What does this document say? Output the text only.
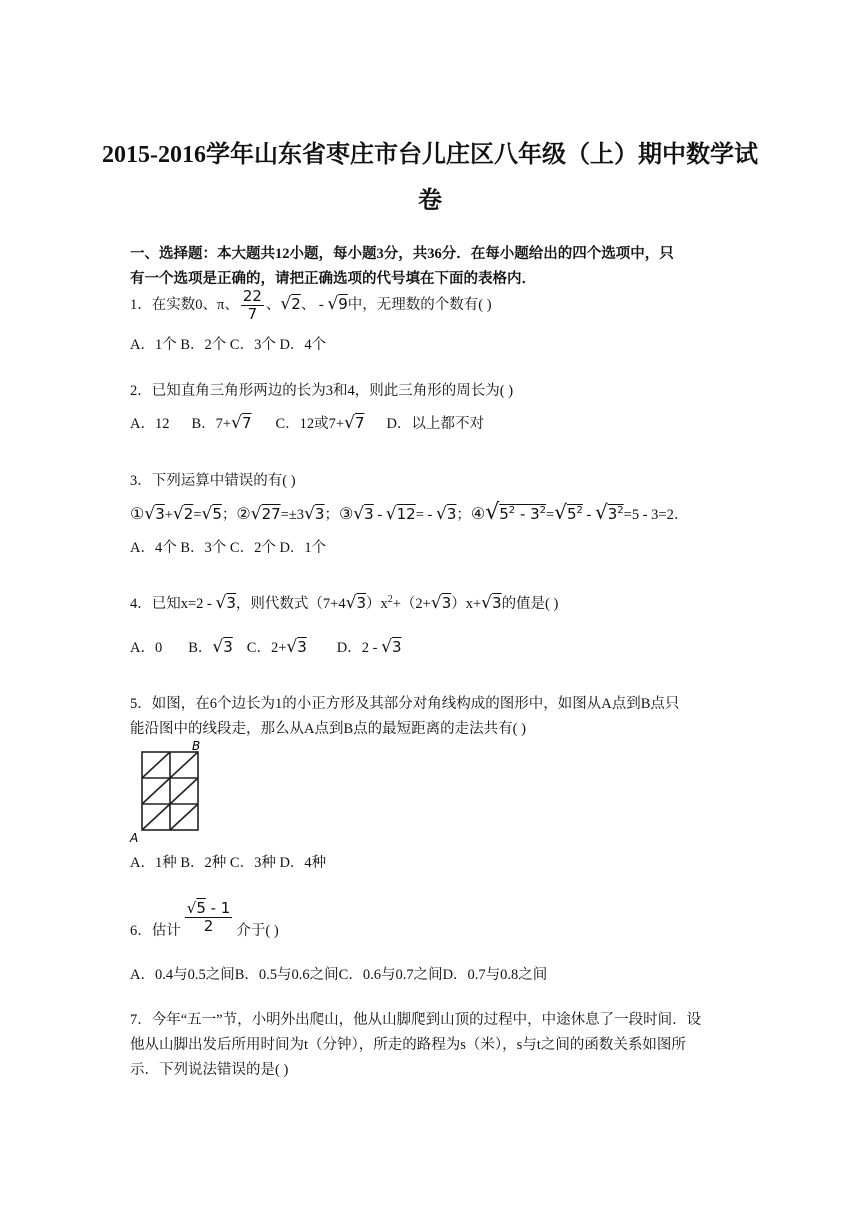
2015-2016学年山东省枣庄市台儿庄区八年级（上）期中数学试
卷
一、选择题：本大题共12小题，每小题3分，共36分．在每小题给出的四个选项中，只
有一个选项是正确的，请把正确选项的代号填在下面的表格内．
1．在实数0、π、 $\frac{22}{7}$ 、√2、 - √9中，无理数的个数有( )
A．1个 B．2个 C．3个 D．4个
2．已知直角三角形两边的长为3和4，则此三角形的周长为( )
A．12 B．7+√7 C．12或7+√7 D．以上都不对
3．下列运算中错误的有( )
①√3+√2=√5；②√27=±3√3；③√3 - √12= - √3；$④√5^2 - 3^2=√5^2 - √3^2=5 - 3=2$．
A．4个 B．3个 C．2个 D．1个
4．已知x=2 - √3，则代数式$(7+4√3)x^2+(2+√3)x+√3$的值是( )
A．0 B．√3 C．2+√3 D．2 - √3
5．如图，在6个边长为1的小正方形及其部分对角线构成的图形中，如图从A点到B点只
能沿图中的线段走，那么从A点到B点的最短距离的走法共有( )
B
A
A．1种 B．2种 C．3种 D．4种
6．估计 $\frac{√5 - 1}{2}$ 介于( )
A．0.4与0.5之间B．0.5与0.6之间C．0.6与0.7之间D．0.7与0.8之间
7．今年“五一”节，小明外出爬山，他从山脚爬到山顶的过程中，中途休息了一段时间．设
他从山脚出发后所用时间为t（分钟），所走的路程为s（米），s与t之间的函数关系如图所
示．下列说法错误的是( )
